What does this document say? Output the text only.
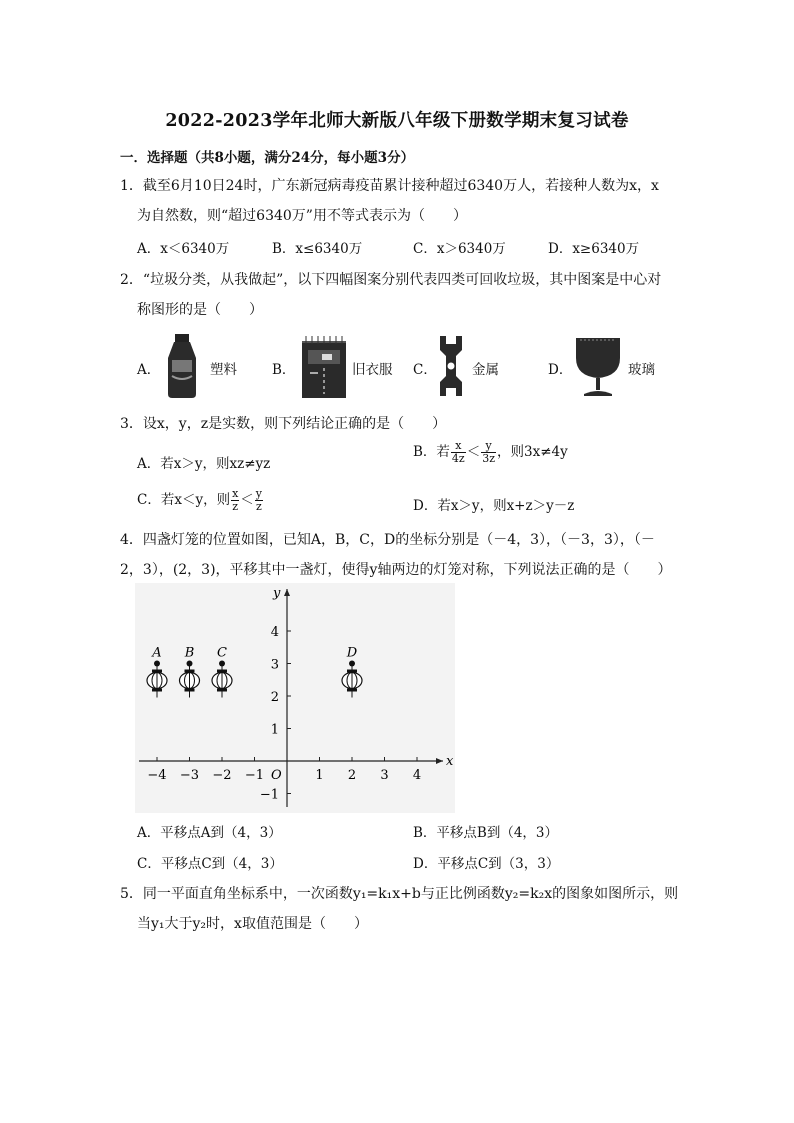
2022-2023学年北师大新版八年级下册数学期末复习试卷
一．选择题（共8小题，满分24分，每小题3分）
1．截至6月10日24时，广东新冠病毒疫苗累计接种超过6340万人，若接种人数为x，x
为自然数，则“超过6340万”用不等式表示为（　　）
A．x＜6340万	B．x≤6340万	C．x＞6340万	D．x≥6340万
2．“垃圾分类，从我做起”，以下四幅图案分别代表四类可回收垃圾，其中图案是中心对
称图形的是（　　）
A．	塑料	B．	旧衣服 C．	金属	D．	玻璃
3．设x，y，z是实数，则下列结论正确的是（　　）
A．若x＞y，则xz≠yz
B．若 $\frac{x}{4z} < \frac{y}{3z}$ ，则3x≠4y
C．若x＜y，则 $\frac{x}{z} < \frac{y}{z}$	D．若x＞y，则x+z＞y－z
4．四盏灯笼的位置如图，已知A，B，C，D的坐标分别是（－4，3），（－3，3），（－
2，3），(2，3)，平移其中一盏灯，使得y轴两边的灯笼对称，下列说法正确的是（　　）
x
y
O
−4 −3 −2 −1	1 2 3 4
4
3
2
1
−1
A B C	D
A．平移点A到（4，3）	B．平移点B到（4，3）
C．平移点C到（4，3）	D．平移点C到（3，3）
5．同一平面直角坐标系中，一次函数y₁=k₁x+b与正比例函数y₂=k₂x的图象如图所示，则
当y₁大于y₂时，x取值范围是（　　）
